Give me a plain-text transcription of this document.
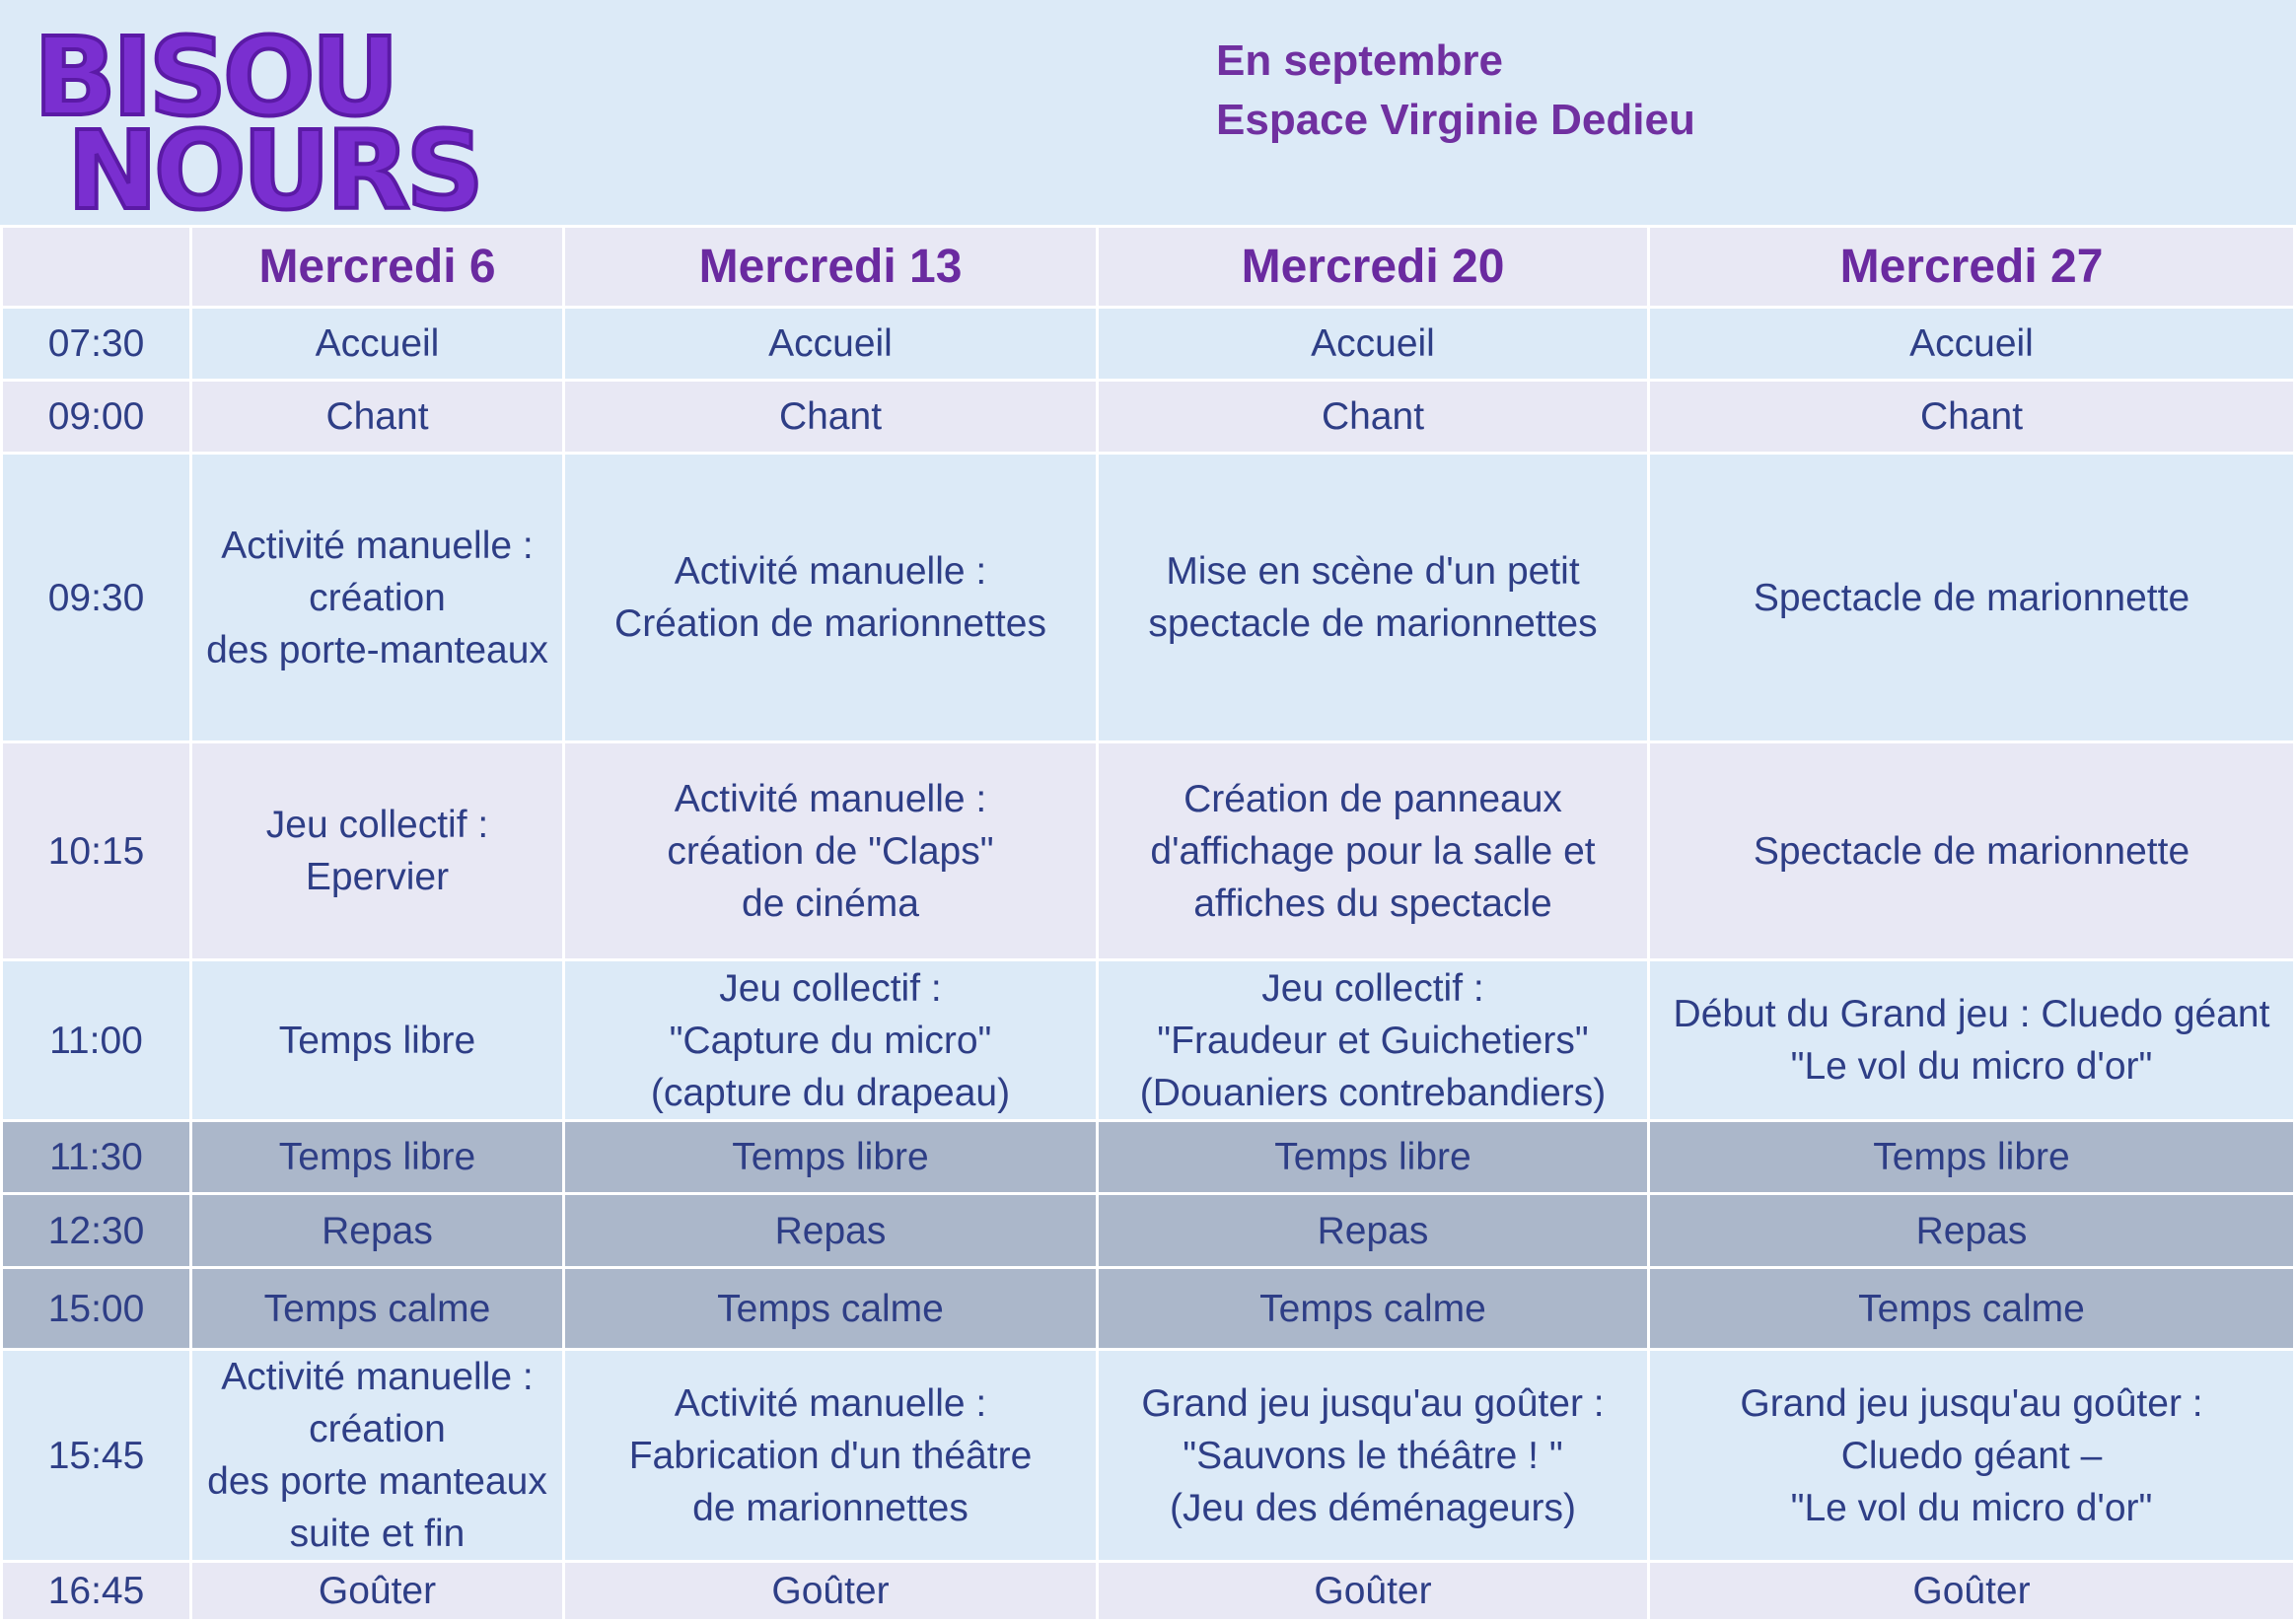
BISOU
NOURS
En septembre
Espace Virginie Dedieu
	Mercredi 6	Mercredi 13	Mercredi 20	Mercredi 27
07:30	Accueil	Accueil	Accueil	Accueil
09:00	Chant	Chant	Chant	Chant
09:30	Activité manuelle :
création
des porte-manteaux	Activité manuelle :
Création de marionnettes	Mise en scène d'un petit
spectacle de marionnettes	Spectacle de marionnette
10:15	Jeu collectif :
Epervier	Activité manuelle :
création de "Claps"
de cinéma	Création de panneaux
d'affichage pour la salle et
affiches du spectacle	Spectacle de marionnette
11:00	Temps libre	Jeu collectif :
"Capture du micro"
(capture du drapeau)	Jeu collectif :
"Fraudeur et Guichetiers"
(Douaniers contrebandiers)	Début du Grand jeu : Cluedo géant
"Le vol du micro d'or"
11:30	Temps libre	Temps libre	Temps libre	Temps libre
12:30	Repas	Repas	Repas	Repas
15:00	Temps calme	Temps calme	Temps calme	Temps calme
15:45	Activité manuelle :
création
des porte manteaux
suite et fin	Activité manuelle :
Fabrication d'un théâtre
de marionnettes	Grand jeu jusqu'au goûter :
"Sauvons le théâtre ! "
(Jeu des déménageurs)	Grand jeu jusqu'au goûter :
Cluedo géant –
"Le vol du micro d'or"
16:45	Goûter	Goûter	Goûter	Goûter
